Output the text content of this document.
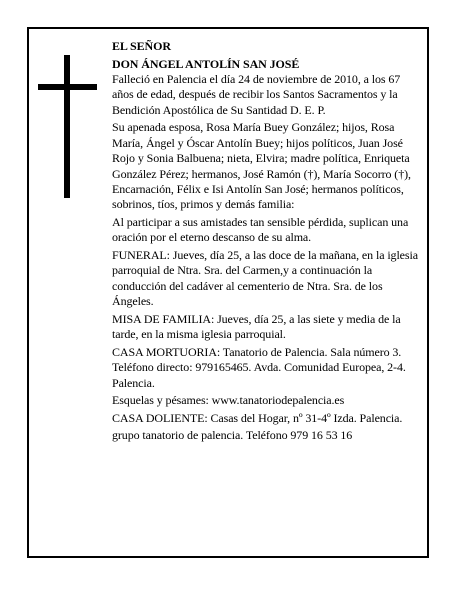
EL SEÑOR

DON ÁNGEL ANTOLÍN SAN JOSÉ

Falleció en Palencia el día 24 de noviembre de 2010, a los 67 años de edad, después de recibir los Santos Sacramentos y la Bendición Apostólica de Su Santidad D. E. P.

Su apenada esposa, Rosa María Buey González; hijos, Rosa María, Ángel y Óscar Antolín Buey; hijos políticos, Juan José Rojo y Sonia Balbuena; nieta, Elvira; madre política, Enriqueta González Pérez; hermanos, José Ramón (†), María Socorro (†), Encarnación, Félix e Isi Antolín San José; hermanos políticos, sobrinos, tíos, primos y demás familia:

Al participar a sus amistades tan sensible pérdida, suplican una oración por el eterno descanso de su alma.

FUNERAL: Jueves, día 25, a las doce de la mañana, en la iglesia parroquial de Ntra. Sra. del Carmen,y a continuación la conducción del cadáver al cementerio de Ntra. Sra. de los Ángeles.

MISA DE FAMILIA: Jueves, día 25, a las siete y media de la tarde, en la misma iglesia parroquial.

CASA MORTUORIA: Tanatorio de Palencia. Sala número 3. Teléfono directo: 979165465. Avda. Comunidad Europea, 2-4. Palencia.

Esquelas y pésames: www.tanatoriodepalencia.es

CASA DOLIENTE: Casas del Hogar, nº 31-4º Izda. Palencia.

grupo tanatorio de palencia. Teléfono 979 16 53 16
